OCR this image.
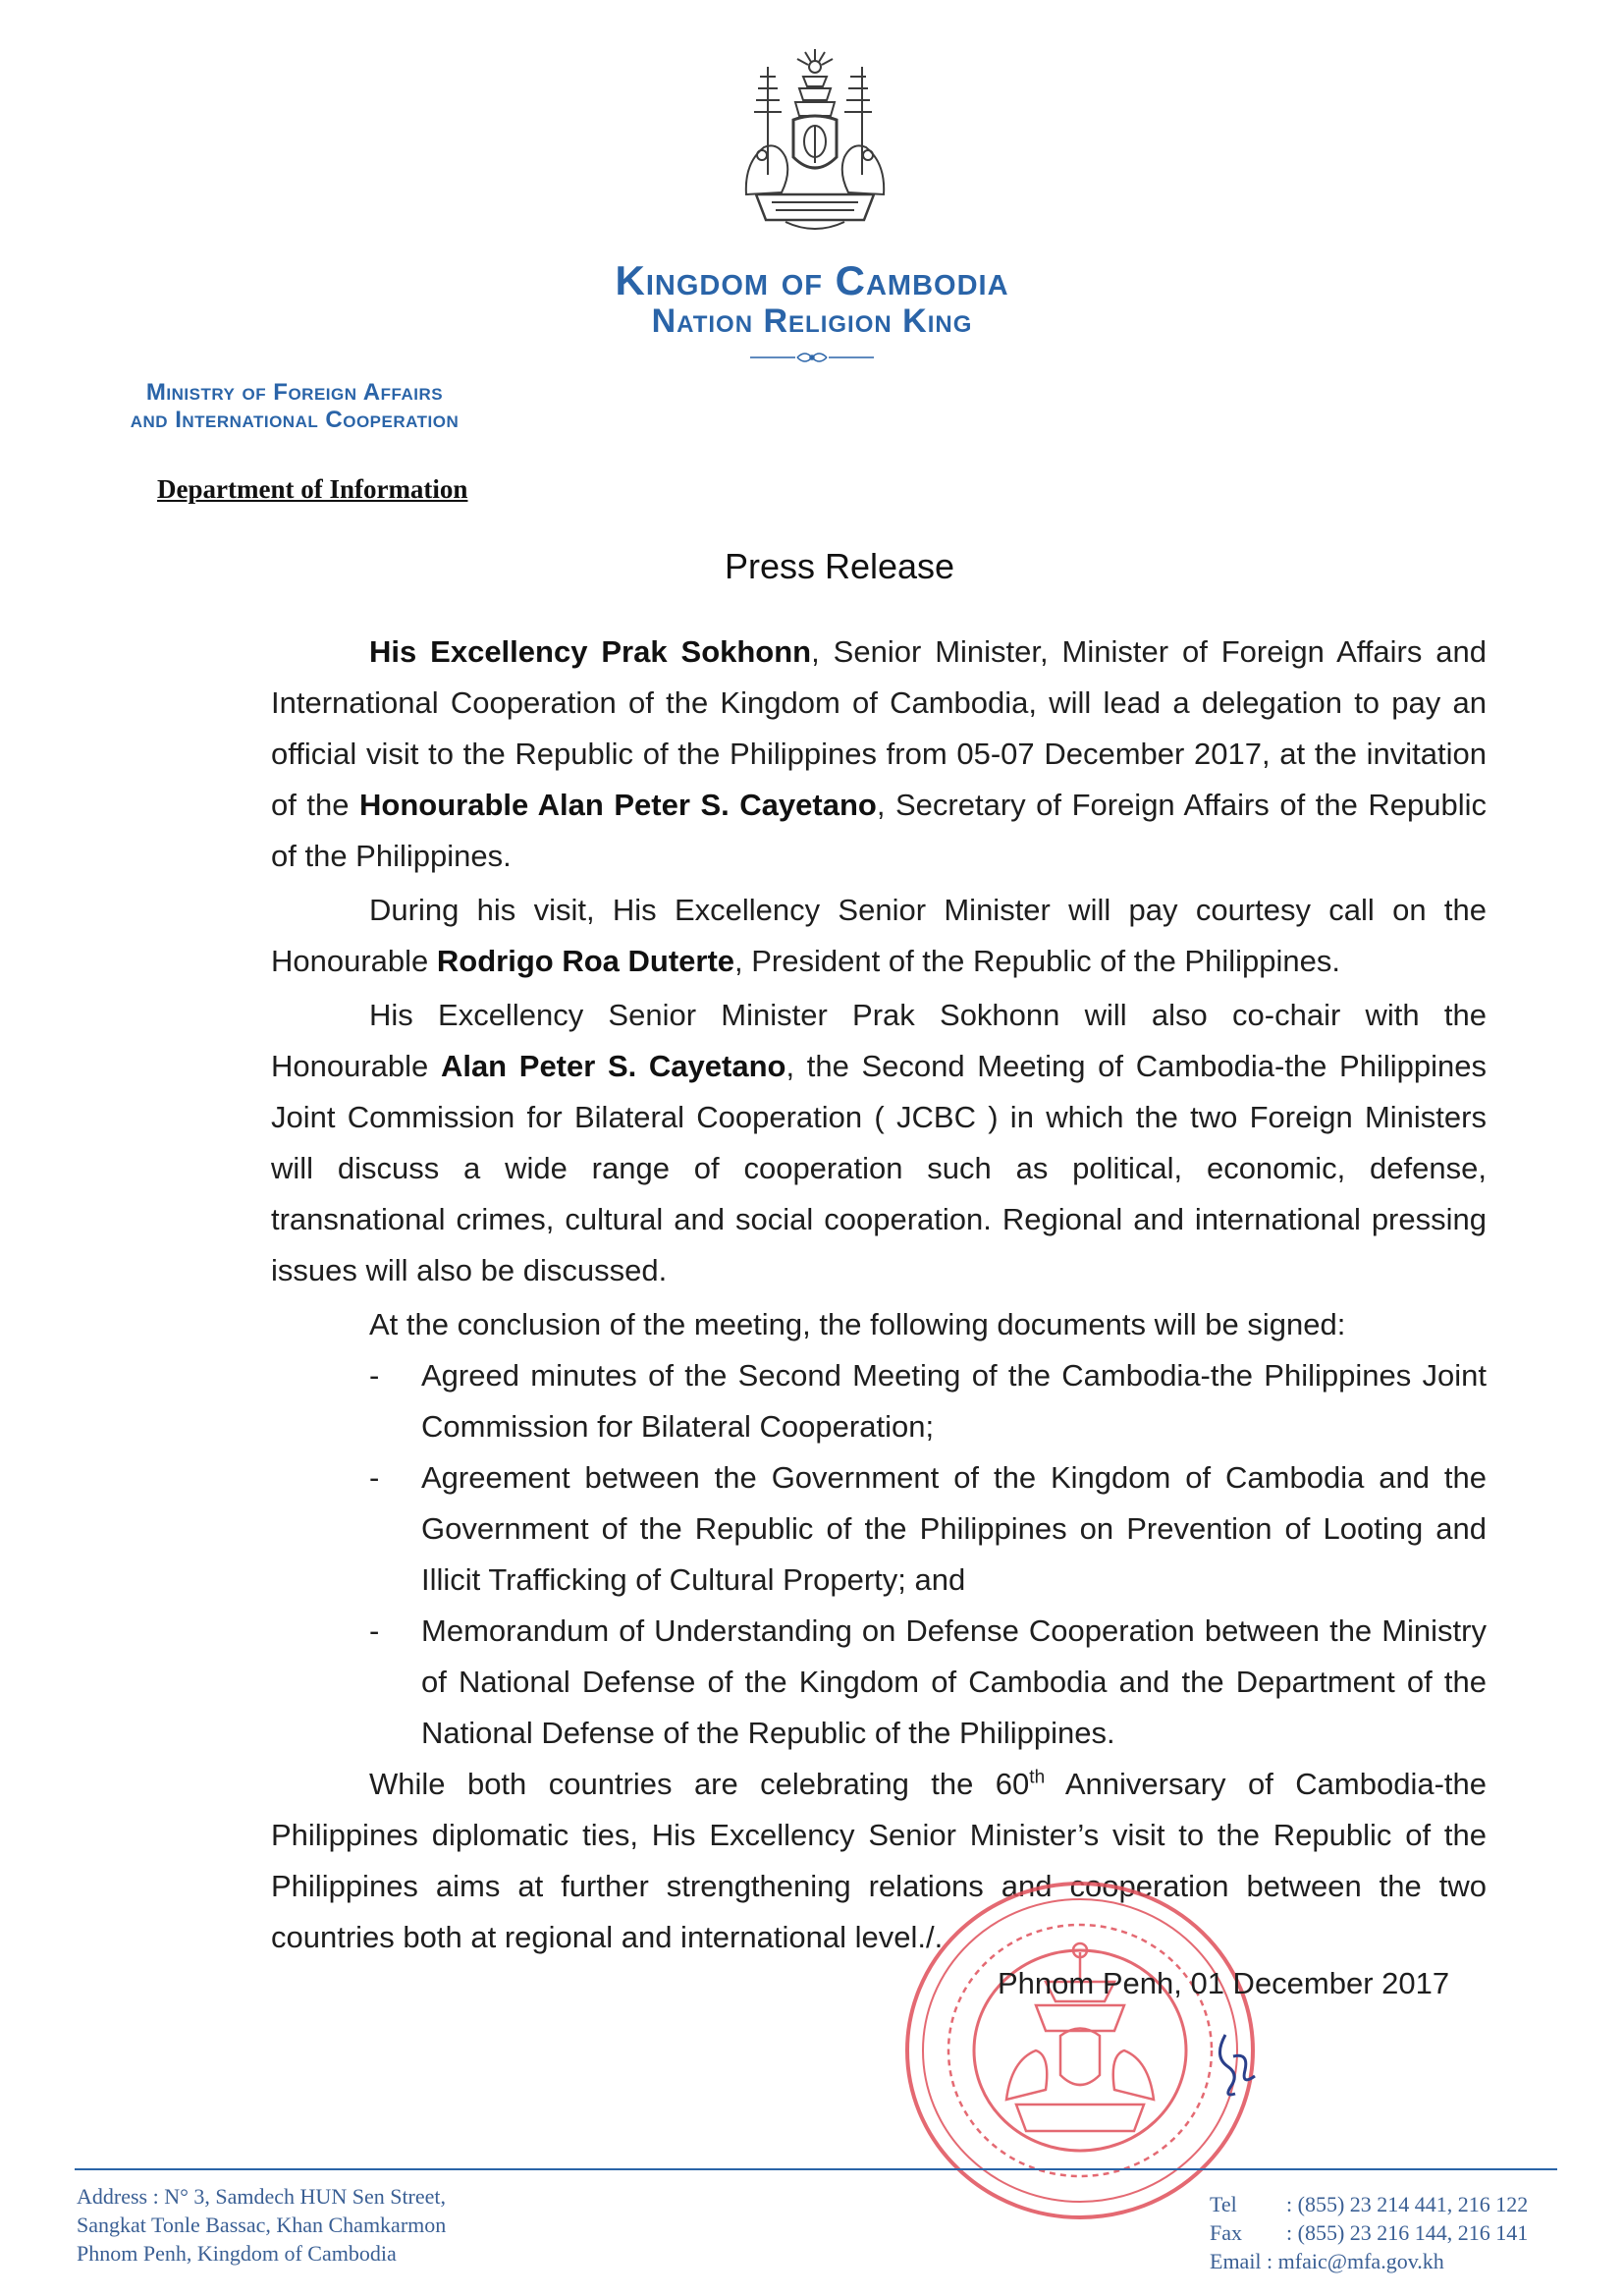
Kingdom of Cambodia
Nation Religion King
Ministry of Foreign Affairs
and International Cooperation
Department of Information
Press Release

His Excellency Prak Sokhonn, Senior Minister, Minister of Foreign Affairs and International Cooperation of the Kingdom of Cambodia, will lead a delegation to pay an official visit to the Republic of the Philippines from 05-07 December 2017, at the invitation of the Honourable Alan Peter S. Cayetano, Secretary of Foreign Affairs of the Republic of the Philippines.

During his visit, His Excellency Senior Minister will pay courtesy call on the Honourable Rodrigo Roa Duterte, President of the Republic of the Philippines.

His Excellency Senior Minister Prak Sokhonn will also co-chair with the Honourable Alan Peter S. Cayetano, the Second Meeting of Cambodia-the Philippines Joint Commission for Bilateral Cooperation ( JCBC ) in which the two Foreign Ministers will discuss a wide range of cooperation such as political, economic, defense, transnational crimes, cultural and social cooperation. Regional and international pressing issues will also be discussed.

At the conclusion of the meeting, the following documents will be signed:

- Agreed minutes of the Second Meeting of the Cambodia-the Philippines Joint Commission for Bilateral Cooperation;
- Agreement between the Government of the Kingdom of Cambodia and the Government of the Republic of the Philippines on Prevention of Looting and Illicit Trafficking of Cultural Property; and
- Memorandum of Understanding on Defense Cooperation between the Ministry of National Defense of the Kingdom of Cambodia and the Department of the National Defense of the Republic of the Philippines.

While both countries are celebrating the 60th Anniversary of Cambodia-the Philippines diplomatic ties, His Excellency Senior Minister’s visit to the Republic of the Philippines aims at further strengthening relations and cooperation between the two countries both at regional and international level./.

Phnom Penh, 01 December 2017
Address : N° 3, Samdech HUN Sen Street,
Sangkat Tonle Bassac, Khan Chamkarmon
Phnom Penh, Kingdom of Cambodia
Tel : (855) 23 214 441, 216 122
Fax : (855) 23 216 144, 216 141
Email : mfaic@mfa.gov.kh
